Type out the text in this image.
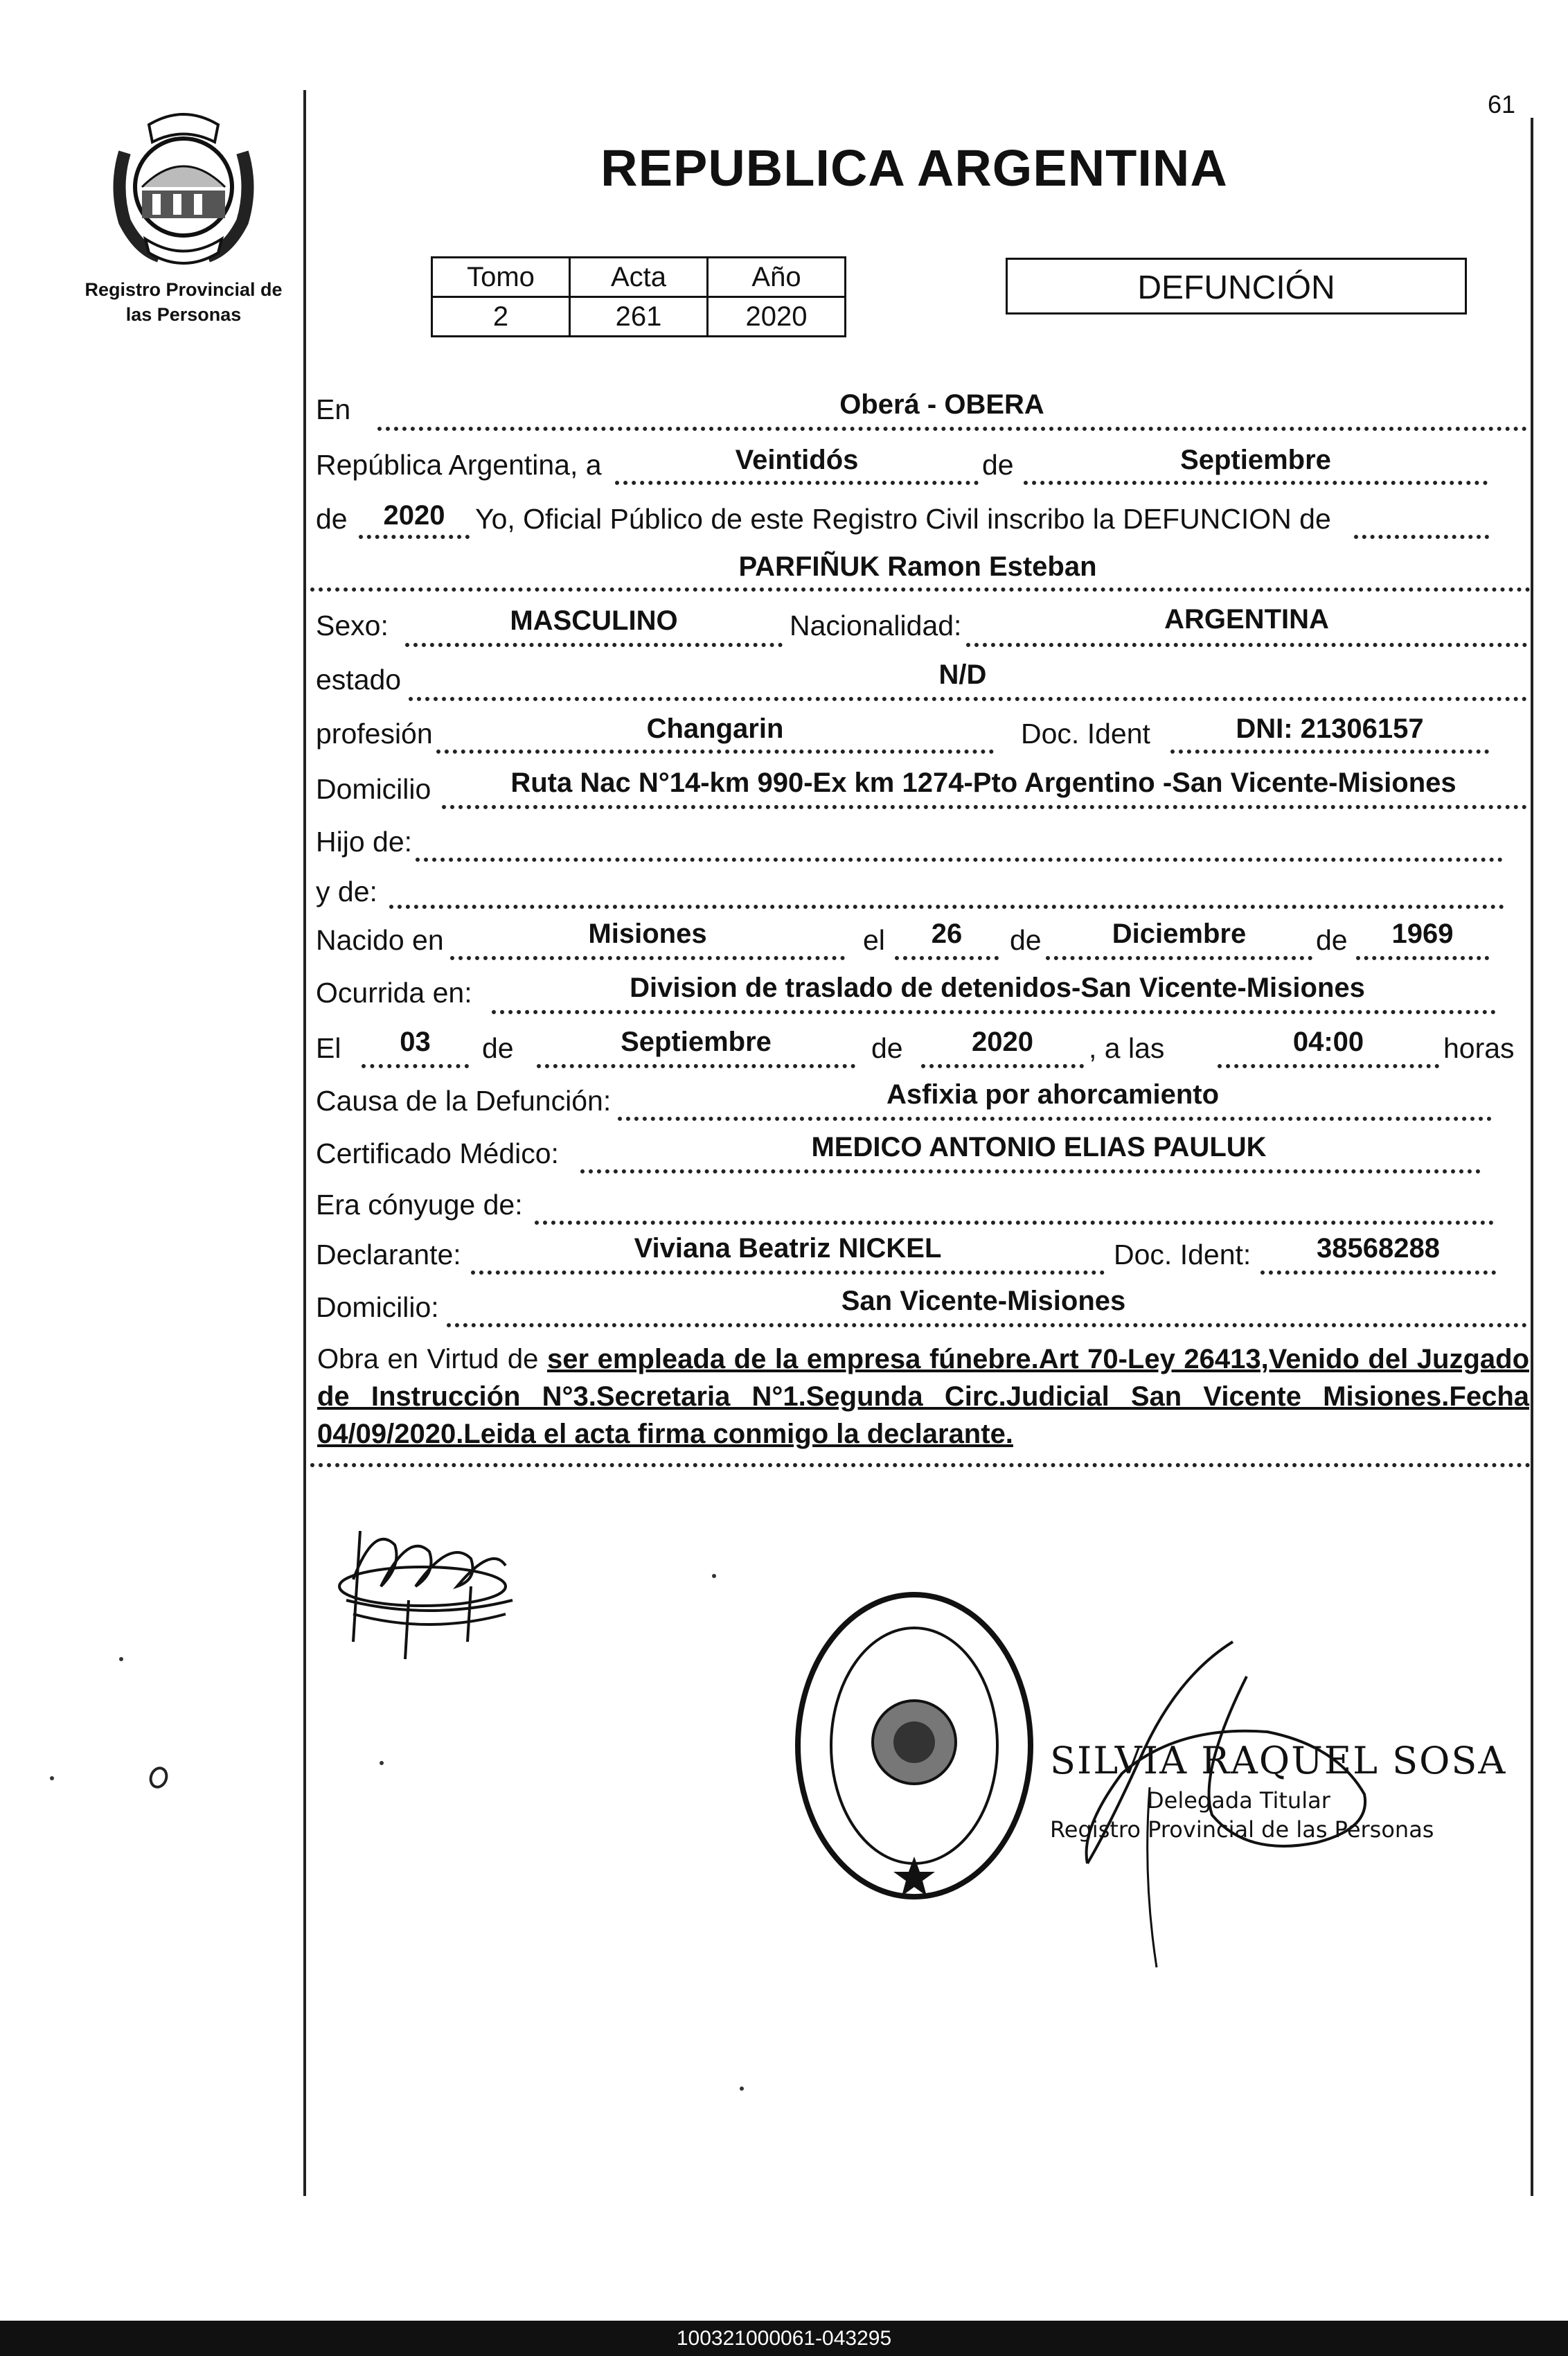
61
Registro Provincial de
las Personas
REPUBLICA ARGENTINA
Tomo	Acta	Año
2	261	2020
DEFUNCIÓN
En	Oberá - OBERA
República Argentina, a	Veintidós	de	Septiembre
de	2020	Yo, Oficial Público de este Registro Civil inscribo la DEFUNCION de
PARFIÑUK Ramon Esteban
Sexo:	MASCULINO	Nacionalidad:	ARGENTINA
estado	N/D
profesión	Changarin	Doc. Ident	DNI: 21306157
Domicilio	Ruta Nac N°14-km 990-Ex km 1274-Pto Argentino -San Vicente-Misiones
Hijo de:
y de:
Nacido en	Misiones	el	26	de	Diciembre	de	1969
Ocurrida en:	Division de traslado de detenidos-San Vicente-Misiones
El	03	de	Septiembre	de	2020	, a las	04:00	horas
Causa de la Defunción:	Asfixia por ahorcamiento
Certificado Médico:	MEDICO ANTONIO ELIAS PAULUK
Era cónyuge de:
Declarante:	Viviana Beatriz NICKEL	Doc. Ident:	38568288
Domicilio:	San Vicente-Misiones
Obra en Virtud de ser empleada de la empresa fúnebre.Art 70-Ley 26413,Venido del Juzgado de Instrucción N°3.Secretaria N°1.Segunda Circ.Judicial San Vicente Misiones.Fecha 04/09/2020.Leida el acta firma conmigo la declarante.
SILVIA RAQUEL SOSA
Delegada Titular
Registro Provincial de las Personas
100321000061-043295
